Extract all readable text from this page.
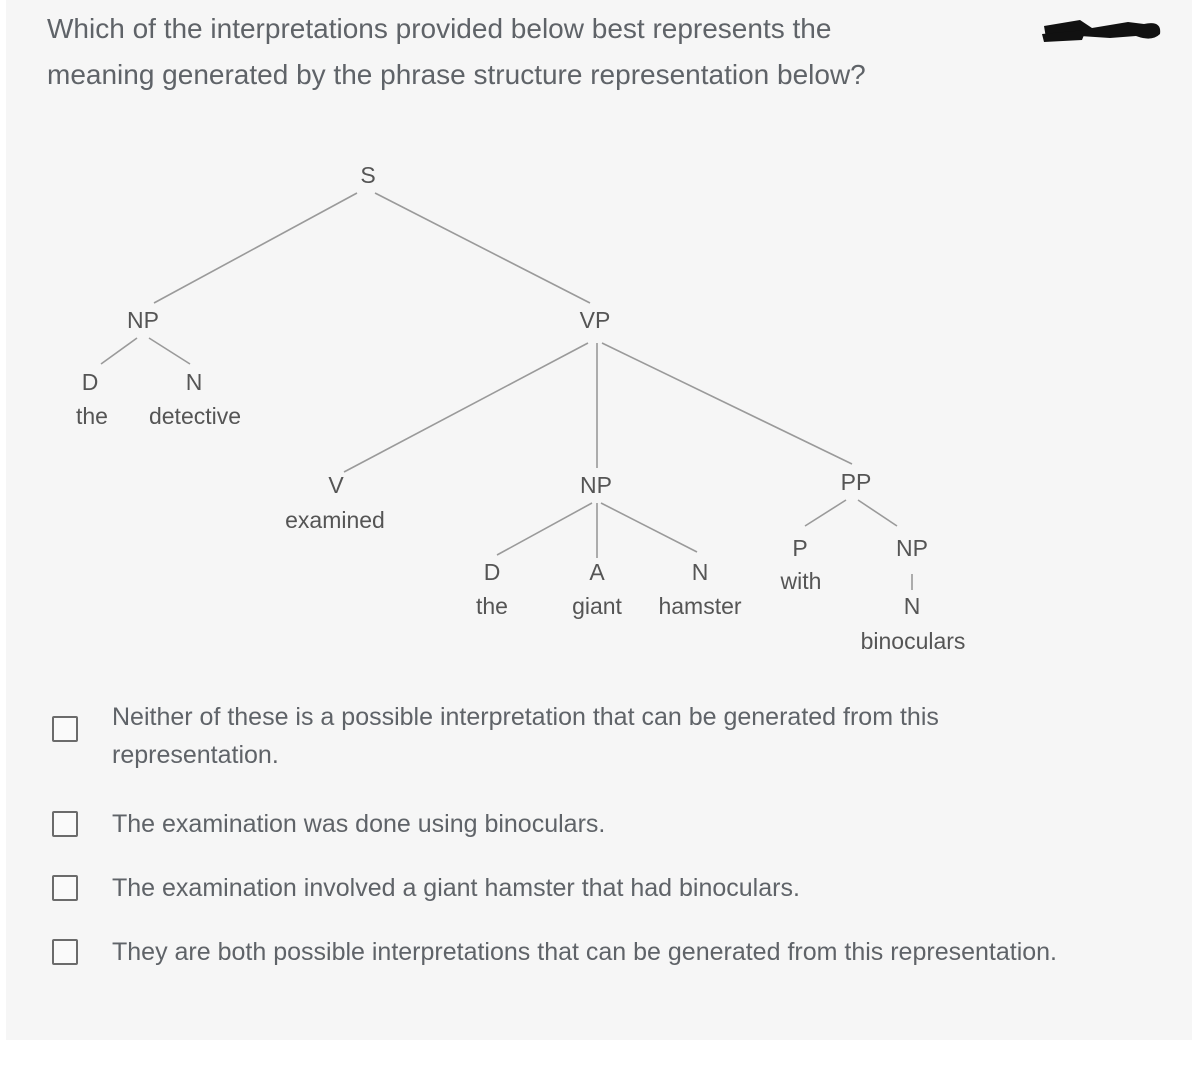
Which of the interpretations provided below best represents the
meaning generated by the phrase structure representation below?
S
NP
D	N
the detective
VP
V
examined
NP
D	A	N
the	giant hamster
PP
P
with
NP
N
binoculars
Neither of these is a possible interpretation that can be generated from this
representation.
The examination was done using binoculars.
The examination involved a giant hamster that had binoculars.
They are both possible interpretations that can be generated from this representation.
